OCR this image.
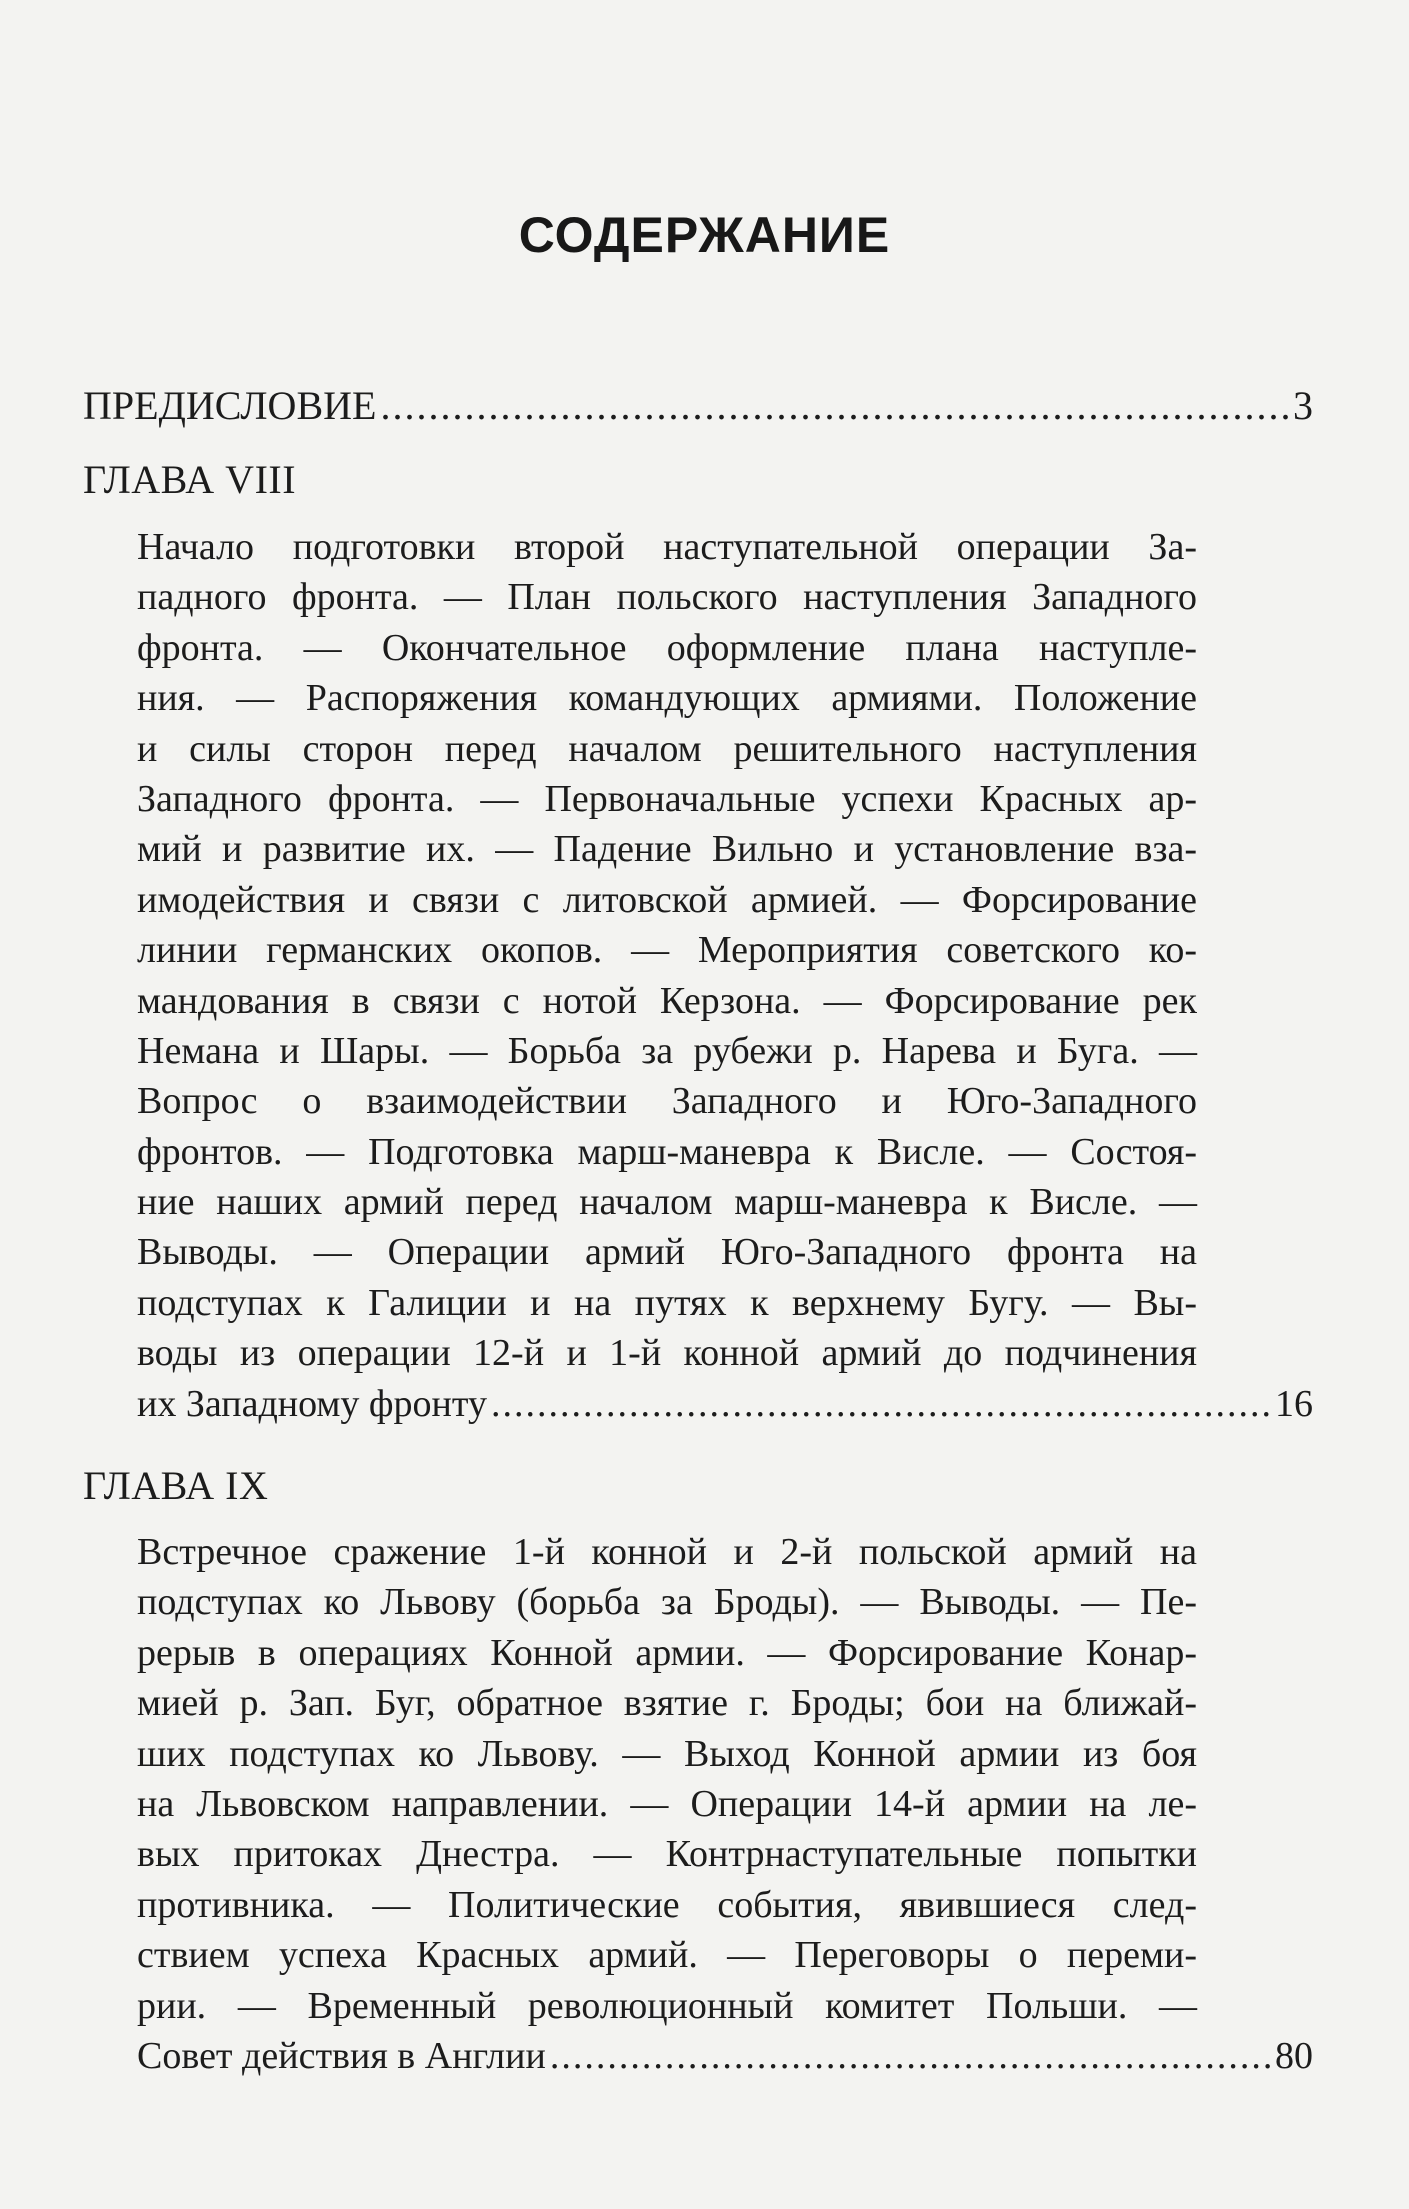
СОДЕРЖАНИЕ
ПРЕДИСЛОВИЕ .....	3
ГЛАВА VIII
Начало подготовки второй наступательной операции За-
падного фронта. — План польского наступления Западного
фронта. — Окончательное оформление плана наступле-
ния. — Распоряжения командующих армиями. Положение
и силы сторон перед началом решительного наступления
Западного фронта. — Первоначальные успехи Красных ар-
мий и развитие их. — Падение Вильно и установление вза-
имодействия и связи с литовской армией. — Форсирование
линии германских окопов. — Мероприятия советского ко-
мандования в связи с нотой Керзона. — Форсирование рек
Немана и Шары. — Борьба за рубежи р. Нарева и Буга. —
Вопрос о взаимодействии Западного и Юго-Западного
фронтов. — Подготовка марш-маневра к Висле. — Состоя-
ние наших армий перед началом марш-маневра к Висле. —
Выводы. — Операции армий Юго-Западного фронта на
подступах к Галиции и на путях к верхнему Бугу. — Вы-
воды из операции 12-й и 1-й конной армий до подчинения
их Западному фронту .....	16
ГЛАВА IX
Встречное сражение 1-й конной и 2-й польской армий на
подступах ко Львову (борьба за Броды). — Выводы. — Пе-
рерыв в операциях Конной армии. — Форсирование Конар-
мией р. Зап. Буг, обратное взятие г. Броды; бои на ближай-
ших подступах ко Львову. — Выход Конной армии из боя
на Львовском направлении. — Операции 14-й армии на ле-
вых притоках Днестра. — Контрнаступательные попытки
противника. — Политические события, явившиеся след-
ствием успеха Красных армий. — Переговоры о переми-
рии. — Временный революционный комитет Польши. —
Совет действия в Англии .....	80
